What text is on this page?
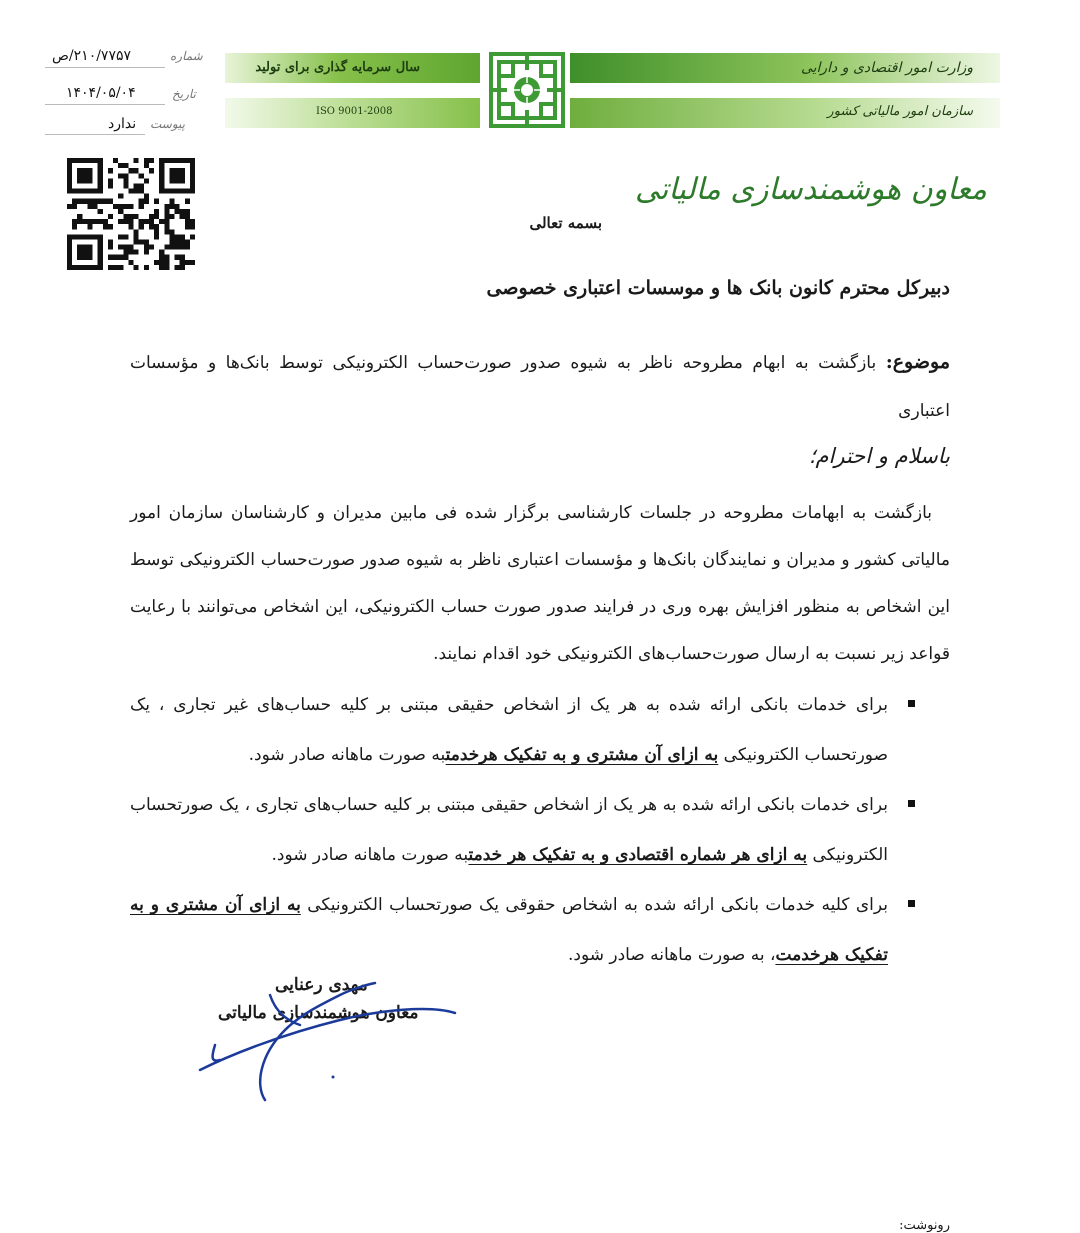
سال سرمایه گذاری برای تولید
ISO 9001-2008
وزارت امور اقتصادی و دارایی
سازمان امور مالیاتی کشور
شماره
۲۱۰/۷۷۵۷/ص
تاریخ
۱۴۰۴/۰۵/۰۴
پیوست
ندارد
معاون هوشمندسازی مالیاتی
بسمه تعالی
دبیرکل محترم کانون بانک ها و موسسات اعتباری خصوصی
موضوع: بازگشت به ابهام مطروحه ناظر به شیوه صدور صورت‌حساب الکترونیکی توسط بانک‌ها و مؤسسات اعتباری
باسلام و احترام؛
بازگشت به ابهامات مطروحه در جلسات کارشناسی برگزار شده فی مابین مدیران و کارشناسان سازمان امور مالیاتی کشور و مدیران و نمایندگان بانک‌ها و مؤسسات اعتباری ناظر به شیوه صدور صورت‌حساب الکترونیکی توسط این اشخاص به منظور افزایش بهره وری در فرایند صدور صورت حساب الکترونیکی، این اشخاص می‌توانند با رعایت قواعد زیر نسبت به ارسال صورت‌حساب‌های الکترونیکی خود اقدام نمایند.
برای خدمات بانکی ارائه شده به هر یک از اشخاص حقیقی مبتنی بر کلیه حساب‌های غیر تجاری ، یک صورتحساب الکترونیکی به ازای آن مشتری و به تفکیک هرخدمتبه صورت ماهانه صادر شود.
برای خدمات بانکی ارائه شده به هر یک از اشخاص حقیقی مبتنی بر کلیه حساب‌های تجاری ، یک صورتحساب الکترونیکی به ازای هر شماره اقتصادی و به تفکیک هر خدمتبه صورت ماهانه صادر شود.
برای کلیه خدمات بانکی ارائه شده به اشخاص حقوقی یک صورتحساب الکترونیکی به ازای آن مشتری و به تفکیک هرخدمت، به صورت ماهانه صادر شود.
مهدی رعنایی
معاون هوشمندسازی مالیاتی
رونوشت:
